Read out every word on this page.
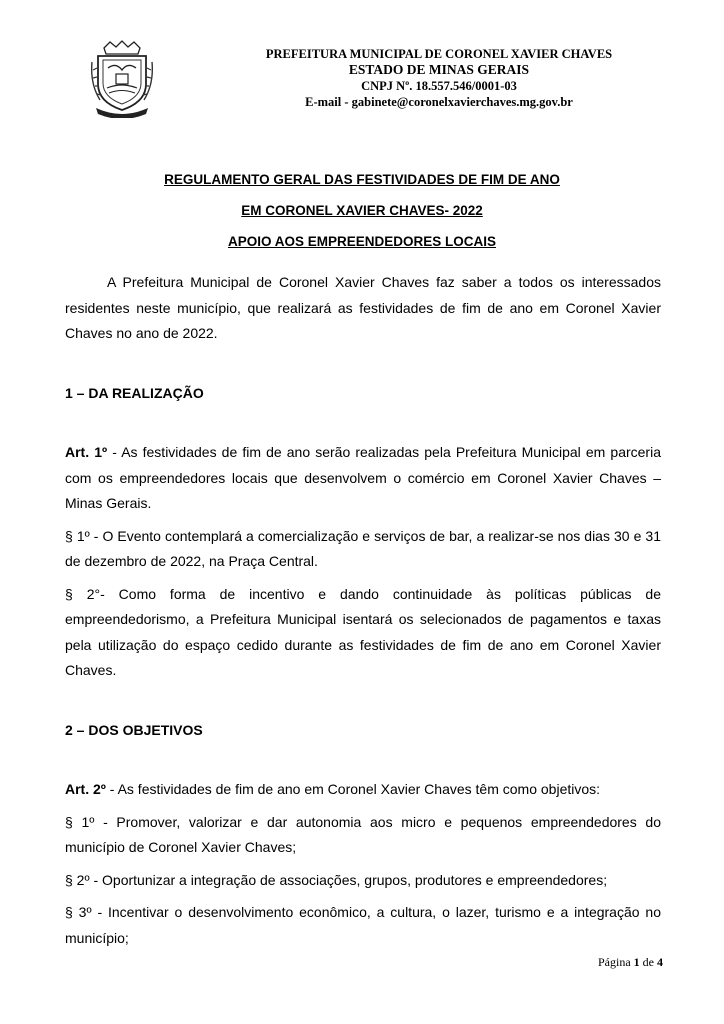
PREFEITURA MUNICIPAL DE CORONEL XAVIER CHAVES
ESTADO DE MINAS GERAIS
CNPJ Nº. 18.557.546/0001-03
E-mail - gabinete@coronelxavierchaves.mg.gov.br
REGULAMENTO GERAL DAS FESTIVIDADES DE FIM DE ANO
EM CORONEL XAVIER CHAVES- 2022
APOIO AOS EMPREENDEDORES LOCAIS

A Prefeitura Municipal de Coronel Xavier Chaves faz saber a todos os interessados residentes neste município, que realizará as festividades de fim de ano em Coronel Xavier Chaves no ano de 2022.

1 – DA REALIZAÇÃO

Art. 1º - As festividades de fim de ano serão realizadas pela Prefeitura Municipal em parceria com os empreendedores locais que desenvolvem o comércio em Coronel Xavier Chaves – Minas Gerais.

§ 1º - O Evento contemplará a comercialização e serviços de bar, a realizar-se nos dias 30 e 31 de dezembro de 2022, na Praça Central.

§ 2°- Como forma de incentivo e dando continuidade às políticas públicas de empreendedorismo, a Prefeitura Municipal isentará os selecionados de pagamentos e taxas pela utilização do espaço cedido durante as festividades de fim de ano em Coronel Xavier Chaves.

2 – DOS OBJETIVOS

Art. 2º - As festividades de fim de ano em Coronel Xavier Chaves têm como objetivos:

§ 1º - Promover, valorizar e dar autonomia aos micro e pequenos empreendedores do município de Coronel Xavier Chaves;

§ 2º - Oportunizar a integração de associações, grupos, produtores e empreendedores;

§ 3º - Incentivar o desenvolvimento econômico, a cultura, o lazer, turismo e a integração no município;

Página 1 de 4
